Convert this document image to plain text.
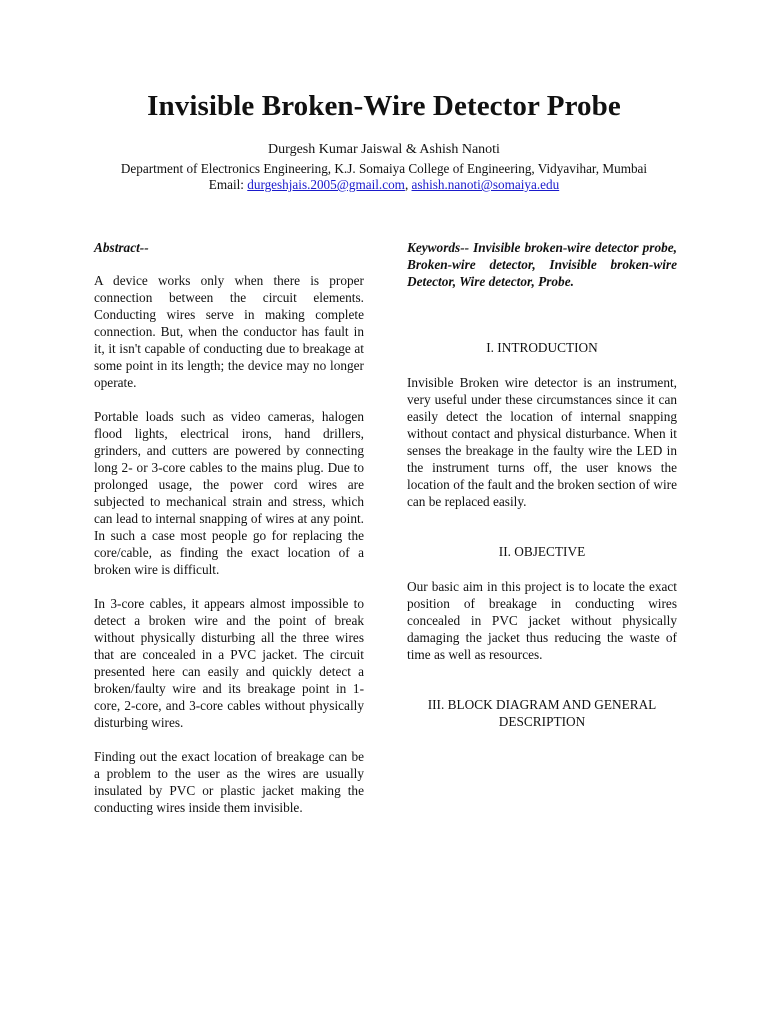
Invisible Broken-Wire Detector Probe
Durgesh Kumar Jaiswal & Ashish Nanoti
Department of Electronics Engineering, K.J. Somaiya College of Engineering, Vidyavihar, Mumbai
Email: durgeshjais.2005@gmail.com, ashish.nanoti@somaiya.edu

Abstract--

A device works only when there is proper connection between the circuit elements. Conducting wires serve in making complete connection. But, when the conductor has fault in it, it isn't capable of conducting due to breakage at some point in its length; the device may no longer operate.

Portable loads such as video cameras, halogen flood lights, electrical irons, hand drillers, grinders, and cutters are powered by connecting long 2- or 3-core cables to the mains plug. Due to prolonged usage, the power cord wires are subjected to mechanical strain and stress, which can lead to internal snapping of wires at any point. In such a case most people go for replacing the core/cable, as finding the exact location of a broken wire is difficult.

In 3-core cables, it appears almost impossible to detect a broken wire and the point of break without physically disturbing all the three wires that are concealed in a PVC jacket. The circuit presented here can easily and quickly detect a broken/faulty wire and its breakage point in 1-core, 2-core, and 3-core cables without physically disturbing wires.

Finding out the exact location of breakage can be a problem to the user as the wires are usually insulated by PVC or plastic jacket making the conducting wires inside them invisible.

Keywords-- Invisible broken-wire detector probe, Broken-wire detector, Invisible broken-wire Detector, Wire detector, Probe.

I. INTRODUCTION

Invisible Broken wire detector is an instrument, very useful under these circumstances since it can easily detect the location of internal snapping without contact and physical disturbance. When it senses the breakage in the faulty wire the LED in the instrument turns off, the user knows the location of the fault and the broken section of wire can be replaced easily.

II. OBJECTIVE

Our basic aim in this project is to locate the exact position of breakage in conducting wires concealed in PVC jacket without physically damaging the jacket thus reducing the waste of time as well as resources.

III. BLOCK DIAGRAM AND GENERAL DESCRIPTION
